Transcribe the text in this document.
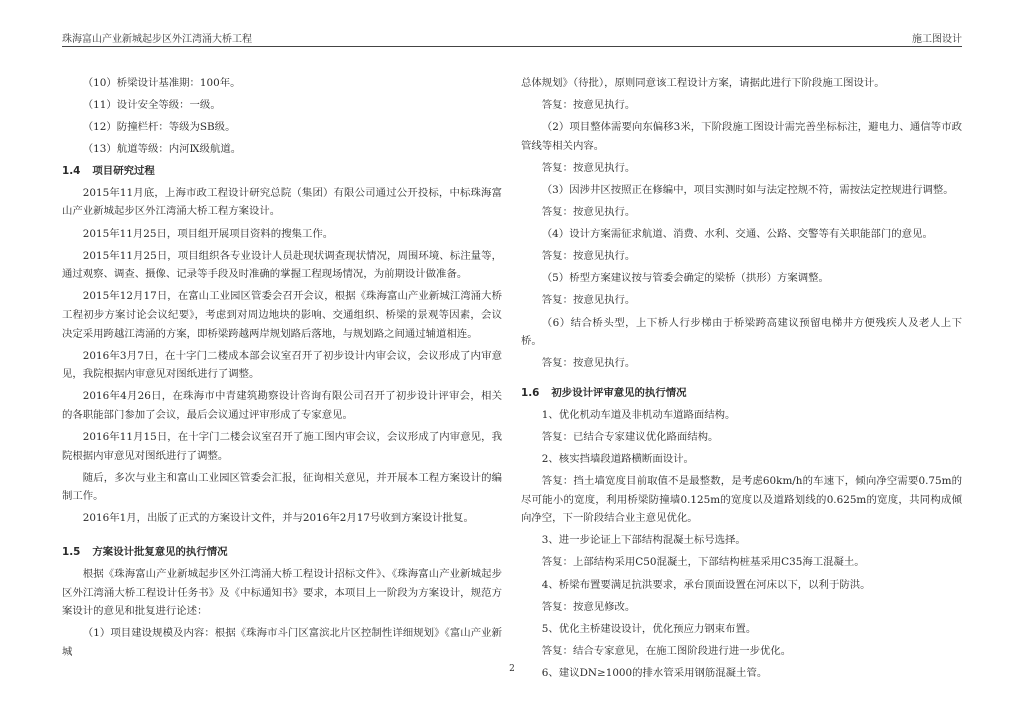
珠海富山产业新城起步区外江湾涌大桥工程	施工图设计
（10）桥梁设计基准期：100年。
（11）设计安全等级：一级。
（12）防撞栏杆：等级为SB级。
（13）航道等级：内河Ⅸ级航道。
1.4 项目研究过程

2015年11月底，上海市政工程设计研究总院（集团）有限公司通过公开投标，中标珠海富山产业新城起步区外江湾涌大桥工程方案设计。

2015年11月25日，项目组开展项目资料的搜集工作。

2015年11月25日，项目组织各专业设计人员赴现状调查现状情况，周围环境、标注量等，通过观察、调查、摄像、记录等手段及时准确的掌握工程现场情况，为前期设计做准备。

2015年12月17日，在富山工业园区管委会召开会议，根据《珠海富山产业新城江湾涌大桥工程初步方案讨论会议纪要》，考虑到对周边地块的影响、交通组织、桥梁的景观等因素，会议决定采用跨越江湾涌的方案，即桥梁跨越两岸规划路后落地，与规划路之间通过辅道相连。

2016年3月7日，在十字门二楼成本部会议室召开了初步设计内审会议，会议形成了内审意见，我院根据内审意见对图纸进行了调整。

2016年4月26日，在珠海市中青建筑勘察设计咨询有限公司召开了初步设计评审会，相关的各职能部门参加了会议，最后会议通过评审形成了专家意见。

2016年11月15日，在十字门二楼会议室召开了施工图内审会议，会议形成了内审意见，我院根据内审意见对图纸进行了调整。

随后，多次与业主和富山工业园区管委会汇报，征询相关意见，并开展本工程方案设计的编制工作。

2016年1月，出版了正式的方案设计文件，并与2016年2月17号收到方案设计批复。

1.5 方案设计批复意见的执行情况

根据《珠海富山产业新城起步区外江湾涌大桥工程设计招标文件》、《珠海富山产业新城起步区外江湾涌大桥工程设计任务书》及《中标通知书》要求，本项目上一阶段为方案设计，规范方案设计的意见和批复进行论述：

（1）项目建设规模及内容：根据《珠海市斗门区富滨北片区控制性详细规划》《富山产业新城

总体规划》（待批），原则同意该工程设计方案，请据此进行下阶段施工图设计。

答复：按意见执行。

（2）项目整体需要向东偏移3米，下阶段施工图设计需完善坐标标注，避电力、通信等市政管线等相关内容。

答复：按意见执行。

（3）因涉井区按照正在修编中，项目实测时如与法定控规不符，需按法定控规进行调整。

答复：按意见执行。

（4）设计方案需征求航道、消费、水利、交通、公路、交警等有关职能部门的意见。

答复：按意见执行。

（5）桥型方案建议按与管委会确定的梁桥（拱形）方案调整。

答复：按意见执行。

（6）结合桥头型，上下桥人行步梯由于桥梁跨高建议预留电梯井方便残疾人及老人上下桥。

答复：按意见执行。

1.6 初步设计评审意见的执行情况

1、优化机动车道及非机动车道路面结构。

答复：已结合专家建议优化路面结构。

2、核实挡墙段道路横断面设计。

答复：挡土墙宽度目前取值不是最整数，是考虑60km/h的车速下，倾向净空需要0.75m的尽可能小的宽度，利用桥梁防撞墙0.125m的宽度以及道路划线的0.625m的宽度，共同构成倾向净空，下一阶段结合业主意见优化。

3、进一步论证上下部结构混凝土标号选择。

答复：上部结构采用C50混凝土，下部结构桩基采用C35海工混凝土。

4、桥梁布置要满足抗洪要求，承台顶面设置在河床以下，以利于防洪。

答复：按意见修改。

5、优化主桥建设设计，优化预应力钢束布置。

答复：结合专家意见，在施工图阶段进行进一步优化。

6、建议DN≥1000的排水管采用钢筋混凝土管。

2
